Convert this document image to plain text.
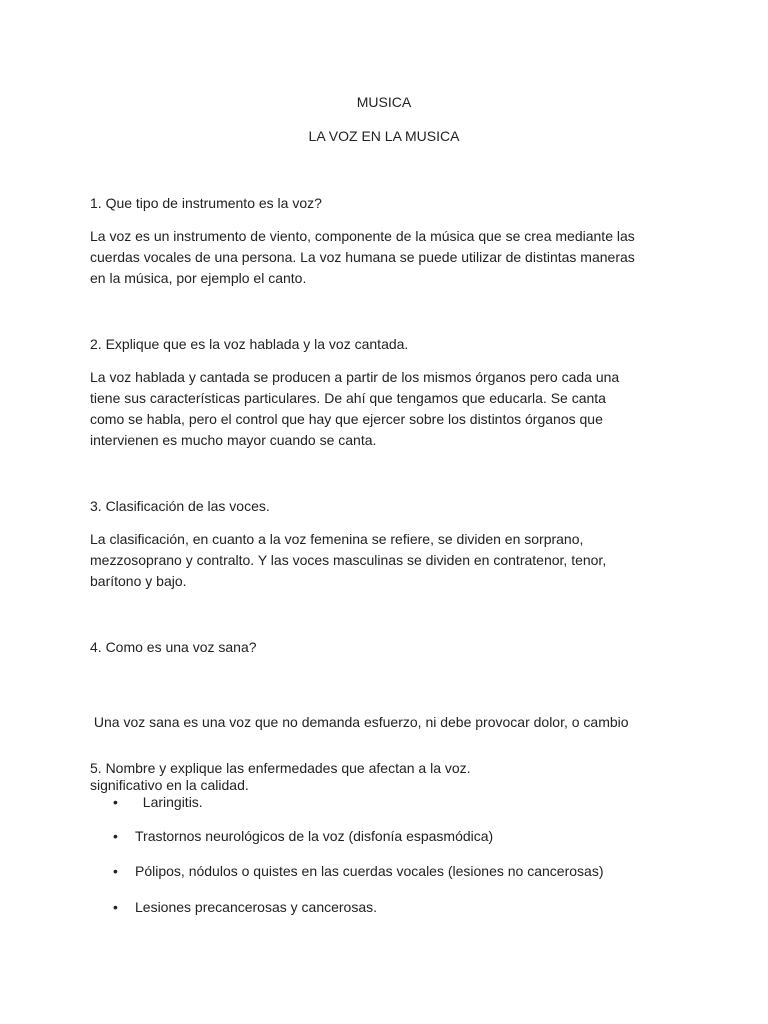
MUSICA
LA VOZ EN LA MUSICA

1. Que tipo de instrumento es la voz?

La voz es un instrumento de viento, componente de la música que se crea mediante las
cuerdas vocales de una persona. La voz humana se puede utilizar de distintas maneras
en la música, por ejemplo el canto.

2. Explique que es la voz hablada y la voz cantada.

La voz hablada y cantada se producen a partir de los mismos órganos pero cada una
tiene sus características particulares. De ahí que tengamos que educarla. Se canta
como se habla, pero el control que hay que ejercer sobre los distintos órganos que
intervienen es mucho mayor cuando se canta.

3. Clasificación de las voces.

La clasificación, en cuanto a la voz femenina se refiere, se dividen en sorprano,
mezzosoprano y contralto. Y las voces masculinas se dividen en contratenor, tenor,
barítono y bajo.

4. Como es una voz sana?

Una voz sana es una voz que no demanda esfuerzo, ni debe provocar dolor, o cambio

significativo en la calidad.

5. Nombre y explique las enfermedades que afectan a la voz.

• Laringitis.
• Trastornos neurológicos de la voz (disfonía espasmódica)
• Pólipos, nódulos o quistes en las cuerdas vocales (lesiones no cancerosas)
• Lesiones precancerosas y cancerosas.
